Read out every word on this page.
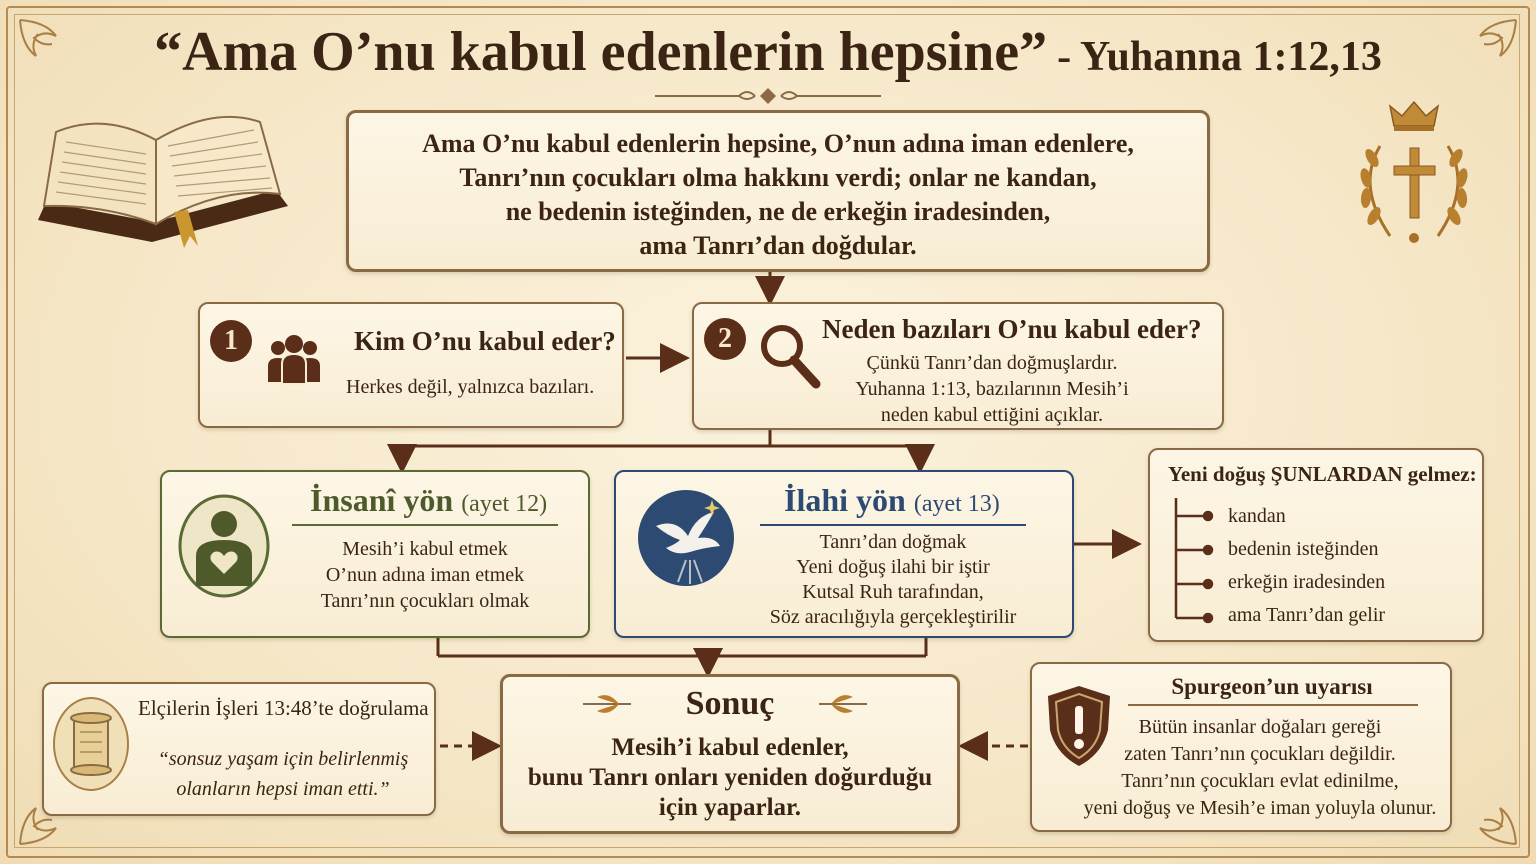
“Ama O’nu kabul edenlerin hepsine” - Yuhanna 1:12,13
Ama O’nu kabul edenlerin hepsine, O’nun adına iman edenlere,
Tanrı’nın çocukları olma hakkını verdi; onlar ne kandan,
ne bedenin isteğinden, ne de erkeğin iradesinden,
ama Tanrı’dan doğdular.
1	Kim O’nu kabul eder?
Herkes değil, yalnızca bazıları.
2	Neden bazıları O’nu kabul eder?
Çünkü Tanrı’dan doğmuşlardır.
Yuhanna 1:13, bazılarının Mesih’i
neden kabul ettiğini açıklar.
İnsanî yön (ayet 12)
Mesih’i kabul etmek
O’nun adına iman etmek
Tanrı’nın çocukları olmak
İlahi yön (ayet 13)
Tanrı’dan doğmak
Yeni doğuş ilahi bir iştir
Kutsal Ruh tarafından,
Söz aracılığıyla gerçekleştirilir
Yeni doğuş ŞUNLARDAN gelmez:
kandan
bedenin isteğinden
erkeğin iradesinden
ama Tanrı’dan gelir
Elçilerin İşleri 13:48’te doğrulama
“sonsuz yaşam için belirlenmiş
olanların hepsi iman etti.”
Sonuç
Mesih’i kabul edenler,
bunu Tanrı onları yeniden doğurduğu
için yaparlar.
Spurgeon’un uyarısı
Bütün insanlar doğaları gereği
zaten Tanrı’nın çocukları değildir.
Tanrı’nın çocukları evlat edinilme,
yeni doğuş ve Mesih’e iman yoluyla olunur.
